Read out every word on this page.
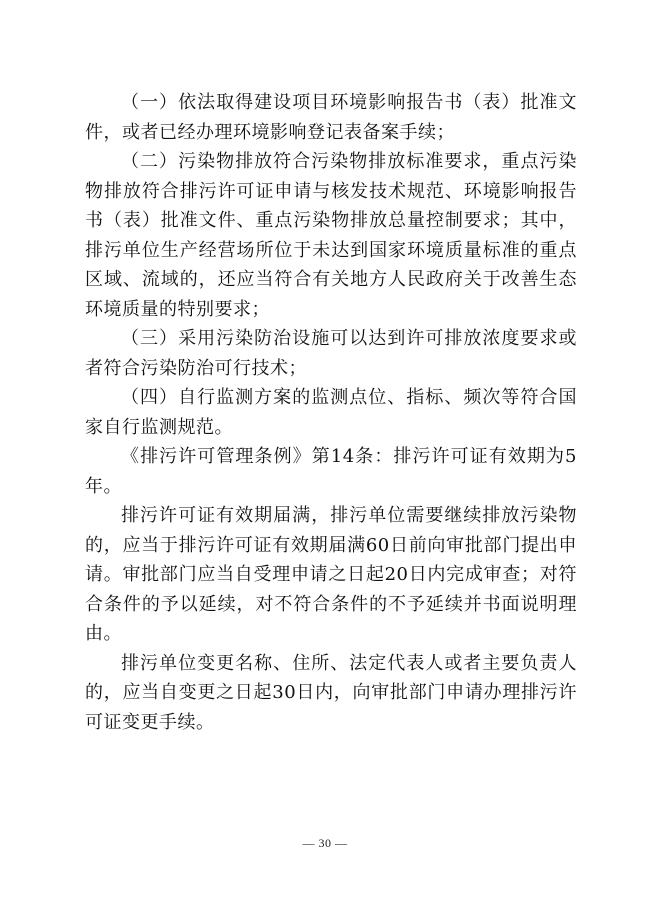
（一）依法取得建设项目环境影响报告书（表）批准文件，或者已经办理环境影响登记表备案手续；

（二）污染物排放符合污染物排放标准要求，重点污染物排放符合排污许可证申请与核发技术规范、环境影响报告书（表）批准文件、重点污染物排放总量控制要求；其中，排污单位生产经营场所位于未达到国家环境质量标准的重点区域、流域的，还应当符合有关地方人民政府关于改善生态环境质量的特别要求；

（三）采用污染防治设施可以达到许可排放浓度要求或者符合污染防治可行技术；

（四）自行监测方案的监测点位、指标、频次等符合国家自行监测规范。

《排污许可管理条例》第14条：排污许可证有效期为5年。

排污许可证有效期届满，排污单位需要继续排放污染物的，应当于排污许可证有效期届满60日前向审批部门提出申请。审批部门应当自受理申请之日起20日内完成审查；对符合条件的予以延续，对不符合条件的不予延续并书面说明理由。

排污单位变更名称、住所、法定代表人或者主要负责人的，应当自变更之日起30日内，向审批部门申请办理排污许可证变更手续。

— 30 —
